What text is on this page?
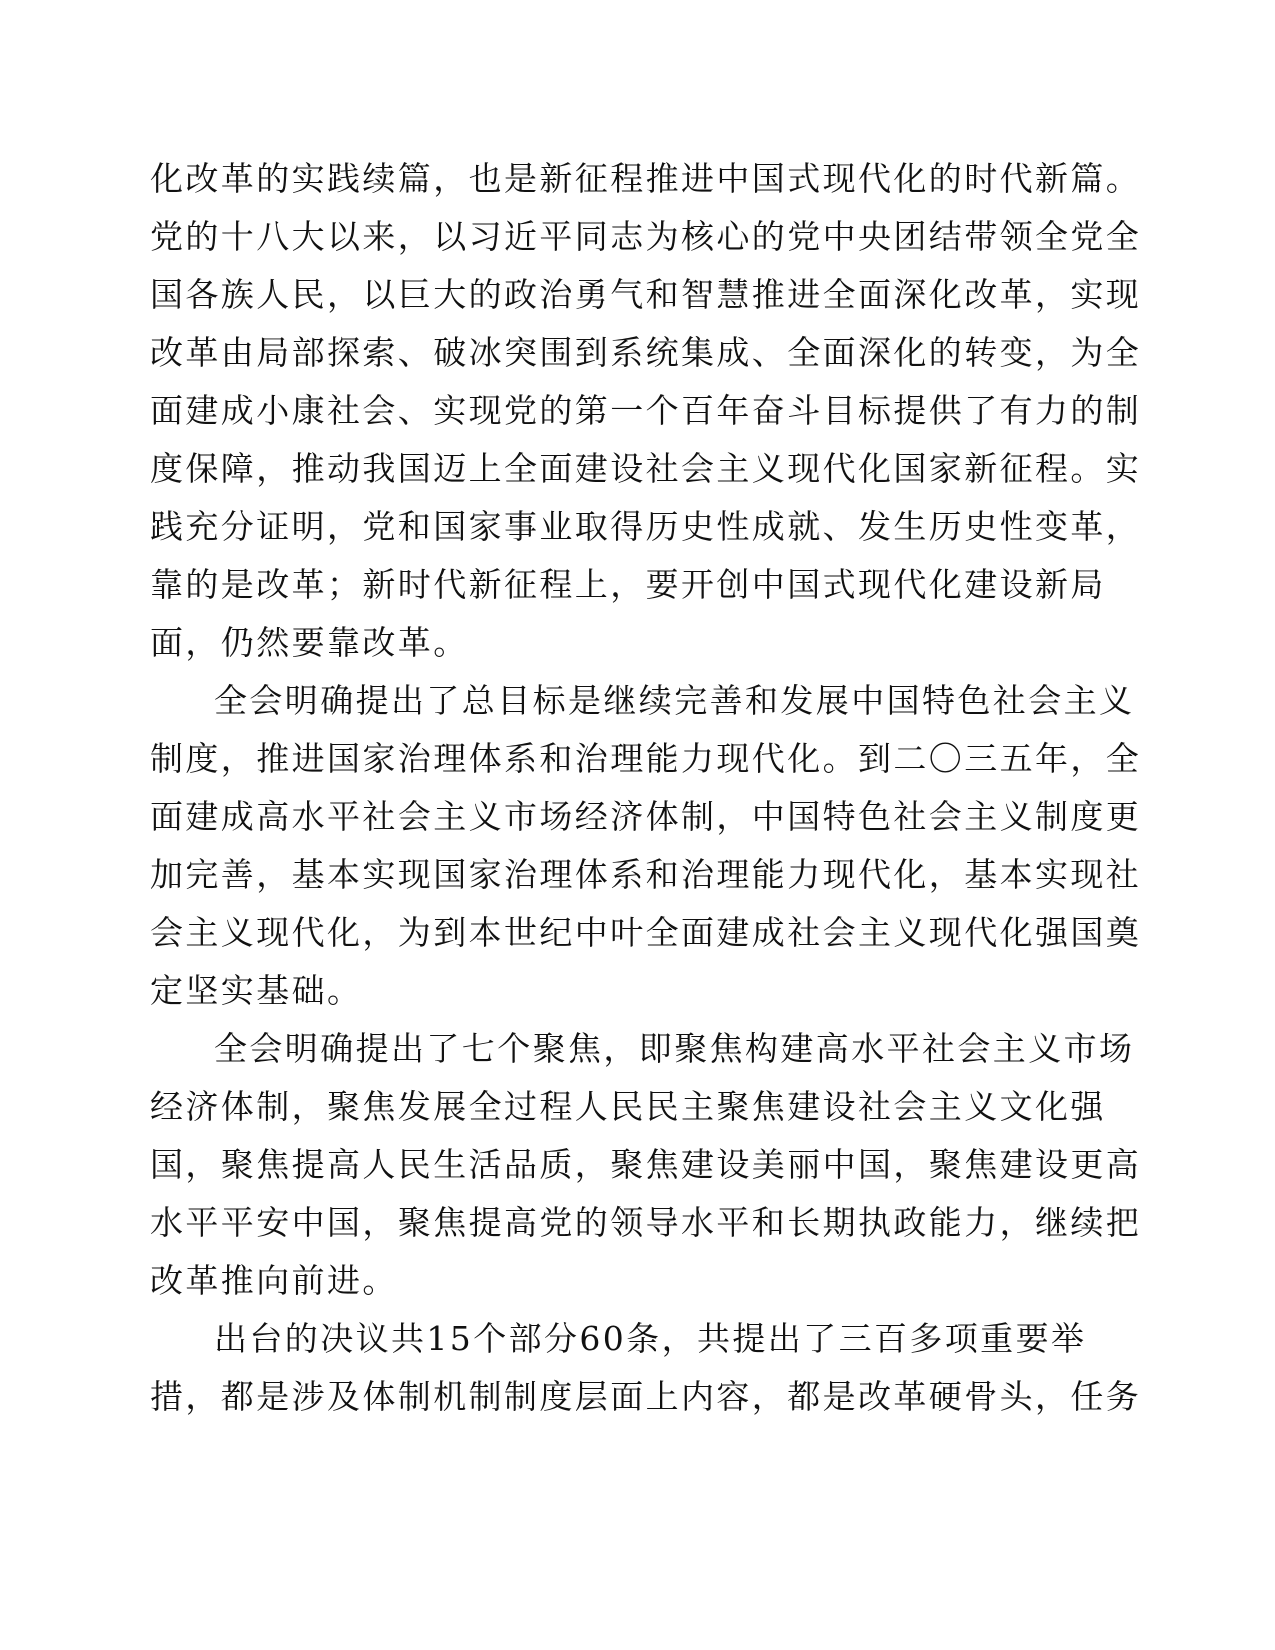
化改革的实践续篇，也是新征程推进中国式现代化的时代新篇。
党的十八大以来，以习近平同志为核心的党中央团结带领全党全
国各族人民，以巨大的政治勇气和智慧推进全面深化改革，实现
改革由局部探索、破冰突围到系统集成、全面深化的转变，为全
面建成小康社会、实现党的第一个百年奋斗目标提供了有力的制
度保障，推动我国迈上全面建设社会主义现代化国家新征程。实
践充分证明，党和国家事业取得历史性成就、发生历史性变革，
靠的是改革；新时代新征程上，要开创中国式现代化建设新局
面，仍然要靠改革。
全会明确提出了总目标是继续完善和发展中国特色社会主义
制度，推进国家治理体系和治理能力现代化。到二〇三五年，全
面建成高水平社会主义市场经济体制，中国特色社会主义制度更
加完善，基本实现国家治理体系和治理能力现代化，基本实现社
会主义现代化，为到本世纪中叶全面建成社会主义现代化强国奠
定坚实基础。
全会明确提出了七个聚焦，即聚焦构建高水平社会主义市场
经济体制，聚焦发展全过程人民民主聚焦建设社会主义文化强
国，聚焦提高人民生活品质，聚焦建设美丽中国，聚焦建设更高
水平平安中国，聚焦提高党的领导水平和长期执政能力，继续把
改革推向前进。
出台的决议共15个部分60条，共提出了三百多项重要举
措，都是涉及体制机制制度层面上内容，都是改革硬骨头，任务
